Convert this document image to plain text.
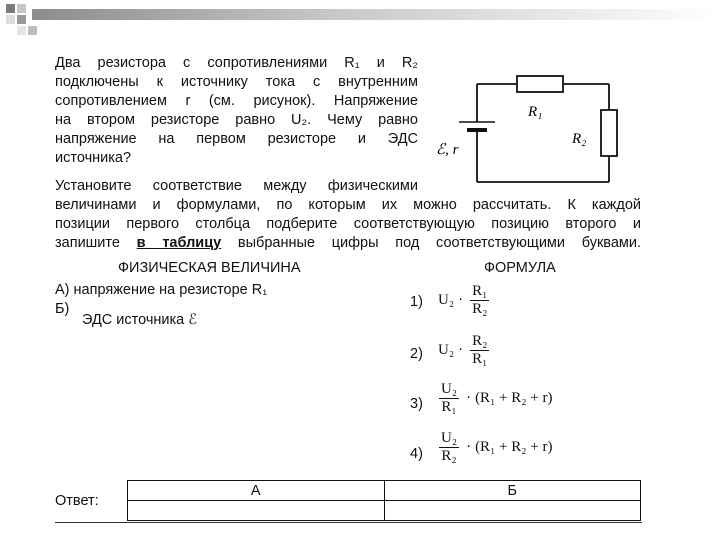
Два резистора с сопротивлениями R₁ и R₂
подключены к источнику тока с внутренним
сопротивлением r (см. рисунок). Напряжение
на втором резисторе равно U₂. Чему равно
напряжение на первом резисторе и ЭДС
источника?
Установите соответствие между физическими
величинами и формулами, по которым их можно рассчитать. К каждой
позиции первого столбца подберите соответствующую позицию второго и
запишите в таблицу выбранные цифры под соответствующими буквами.
R₁
R₂
ℰ, r
ФИЗИЧЕСКАЯ ВЕЛИЧИНА	ФОРМУЛА
А) напряжение на резисторе R₁
Б)
ЭДС источника ℰ
1) $U_2 \cdot \frac{\text{R₁}}{\text{R₂}}$
2) $U_2 \cdot \frac{\text{R₂}}{\text{R₁}}$
$3) \frac{\text{U₂}}{\text{R₁}} \cdot (R_1 + R_2 + r)$
$4) \frac{\text{U₂}}{\text{R₂}} \cdot (R_1 + R_2 + r)$
Ответ:
А	Б
